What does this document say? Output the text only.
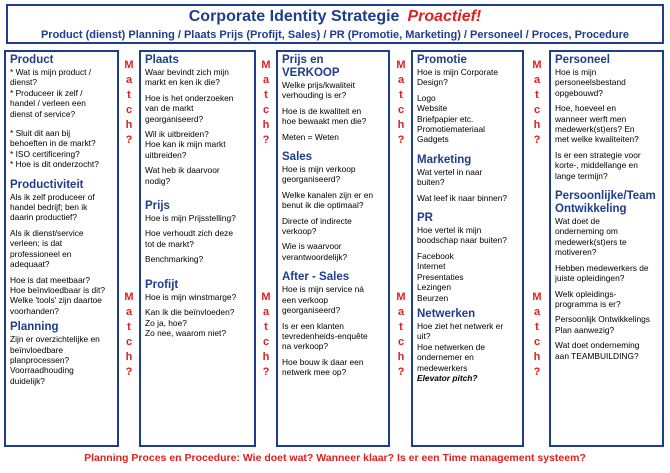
Corporate Identity Strategie Proactief!
Product (dienst) Planning / Plaats Prijs (Profijt, Sales) / PR (Promotie, Marketing) / Personeel / Proces, Procedure
Product
* Wat is mijn product /
dienst?
* Produceer ik zelf /
handel / verleen een
dienst of service?
* Sluit dit aan bij
behoeften in de markt?
* ISO certificering?
* Hoe is dit onderzocht?
Productiviteit
Als ik zelf produceer of
handel bedrijf; ben ik
daarin productief?
Als ik dienst/service
verleen; is dat
professioneel en
adequaat?
Hoe is dat meetbaar?
Hoe beïnvloedbaar is dit?
Welke 'tools' zijn daartoe
voorhanden?
Planning
Zijn er overzichtelijke en
beïnvloedbare
planprocessen?
Voorraadhouding
duidelijk?
Plaats
Waar bevindt zich mijn
markt en ken ik die?
Hoe is het onderzoeken
van de markt
georganiseerd?
Wil ik uitbreiden?
Hoe kan ik mijn markt
uitbreiden?
Wat heb ik daarvoor
nodig?
Prijs
Hoe is mijn Prijsstelling?
Hoe verhoudt zich deze
tot de markt?
Benchmarking?
Profijt
Hoe is mijn winstmarge?
Kan ik die beïnvloeden?
Zo ja, hoe?
Zo nee, waarom niet?
Prijs en VERKOOP
Welke prijs/kwaliteit
verhouding is er?
Hoe is de kwaliteit en
hoe bewaakt men die?
Meten = Weten
Sales
Hoe is mijn verkoop
georganiseerd?
Welke kanalen zijn er en
benut ik die optimaal?
Directe of indirecte
verkoop?
Wie is waarvoor
verantwoordelijk?
After - Sales
Hoe is mijn service ná
een verkoop
georganiseerd?
Is er een klanten
tevredenheids-enquête
na verkoop?
Hoe bouw ik daar een
netwerk mee op?
Promotie
Hoe is mijn Corporate
Design?
Logo
Website
Briefpapier etc.
Promotiemateriaal
Gadgets
Marketing
Wat vertel in naar
buiten?
Wat leef ik naar binnen?
PR
Hoe vertel ik mijn
boodschap naar buiten?
Facebook
Internet
Presentaties
Lezingen
Beurzen
Netwerken
Hoe ziet het netwerk er
uit?
Hoe netwerken de
ondernemer en
medewerkers
Elevator pitch?
Personeel
Hoe is mijn
personeelsbestand
opgebouwd?
Hoe, hoeveel en
wanneer werft men
medewerk(st)ers? En
met welke kwaliteiten?
Is er een strategie voor
korte-, middellange en
lange termijn?
Persoonlijke/Team Ontwikkeling
Wat doet de
onderneming om
medewerk(st)ers te
motiveren?
Hebben medewerkers de
juiste opleidingen?
Welk opleidings-
programma is er?
Persoonlijk Ontwikkelings
Plan aanwezig?
Wat doet onderneming
aan TEAMBUILDING?
M
a
t
c
h
?
M
a
t
c
h
?
M
a
t
c
h
?
M
a
t
c
h
?
M
a
t
c
h
?
M
a
t
c
h
?
M
a
t
c
h
?
M
a
t
c
h
?
Planning Proces en Procedure: Wie doet wat? Wanneer klaar? Is er een Time management systeem?
